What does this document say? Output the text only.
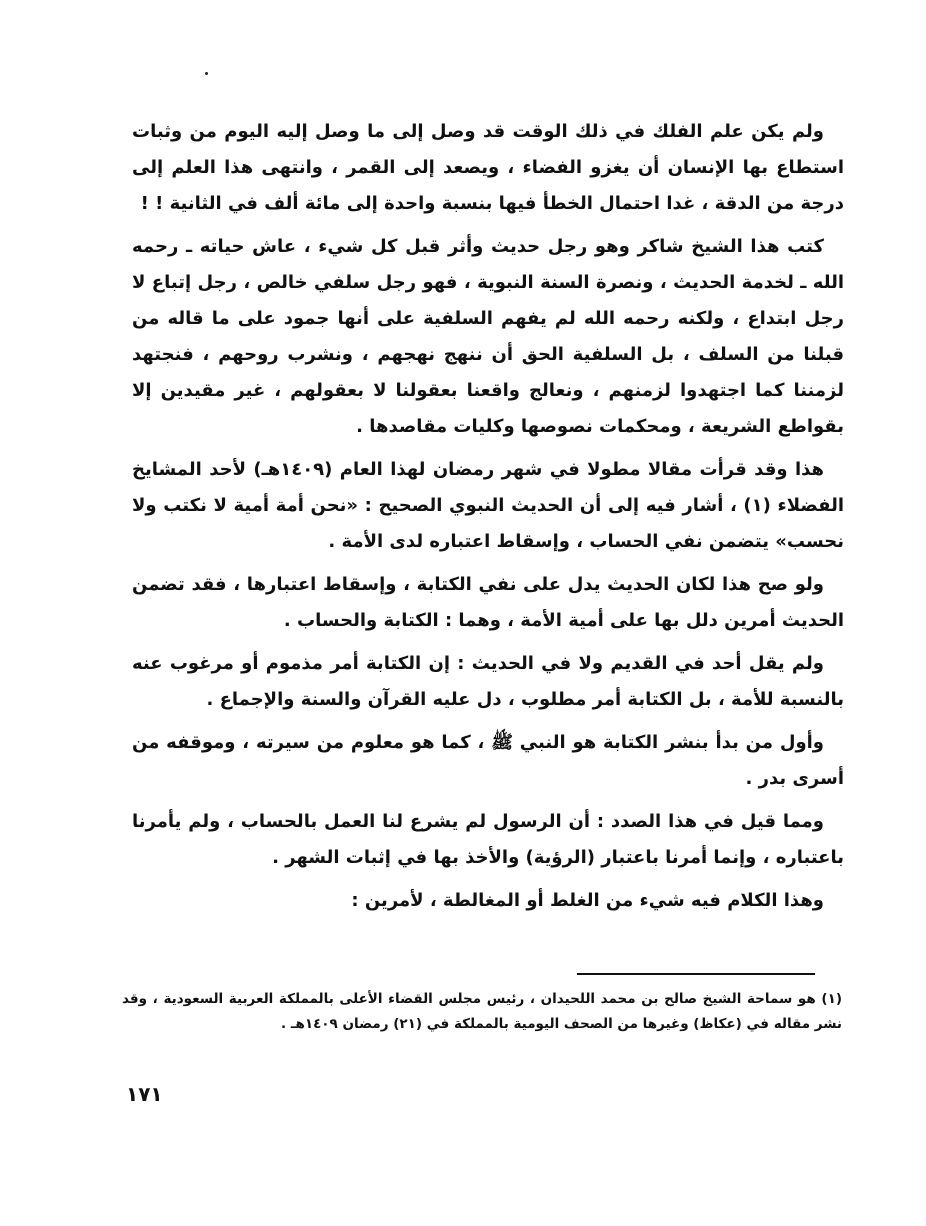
ولم يكن علم الفلك في ذلك الوقت قد وصل إلى ما وصل إليه اليوم من وثبات استطاع بها الإنسان أن يغزو الفضاء ، ويصعد إلى القمر ، وانتهى هذا العلم إلى درجة من الدقة ، غدا احتمال الخطأ فيها بنسبة واحدة إلى مائة ألف في الثانية ! !

كتب هذا الشيخ شاكر وهو رجل حديث وأثر قبل كل شيء ، عاش حياته ـ رحمه الله ـ لخدمة الحديث ، ونصرة السنة النبوية ، فهو رجل سلفي خالص ، رجل إتباع لا رجل ابتداع ، ولكنه رحمه الله لم يفهم السلفية على أنها جمود على ما قاله من قبلنا من السلف ، بل السلفية الحق أن ننهج نهجهم ، ونشرب روحهم ، فنجتهد لزمننا كما اجتهدوا لزمنهم ، ونعالج واقعنا بعقولنا لا بعقولهم ، غير مقيدين إلا بقواطع الشريعة ، ومحكمات نصوصها وكليات مقاصدها .

هذا وقد قرأت مقالا مطولا في شهر رمضان لهذا العام (١٤٠٩هـ) لأحد المشايخ الفضلاء (١) ، أشار فيه إلى أن الحديث النبوي الصحيح : «نحن أمة أمية لا نكتب ولا نحسب» يتضمن نفي الحساب ، وإسقاط اعتباره لدى الأمة .

ولو صح هذا لكان الحديث يدل على نفي الكتابة ، وإسقاط اعتبارها ، فقد تضمن الحديث أمرين دلل بها على أمية الأمة ، وهما : الكتابة والحساب .

ولم يقل أحد في القديم ولا في الحديث : إن الكتابة أمر مذموم أو مرغوب عنه بالنسبة للأمة ، بل الكتابة أمر مطلوب ، دل عليه القرآن والسنة والإجماع .

وأول من بدأ بنشر الكتابة هو النبي ﷺ ، كما هو معلوم من سيرته ، وموقفه من أسرى بدر .

ومما قيل في هذا الصدد : أن الرسول لم يشرع لنا العمل بالحساب ، ولم يأمرنا باعتباره ، وإنما أمرنا باعتبار (الرؤية) والأخذ بها في إثبات الشهر .

وهذا الكلام فيه شيء من الغلط أو المغالطة ، لأمرين :

(١) هو سماحة الشيخ صالح بن محمد اللحيدان ، رئيس مجلس القضاء الأعلى بالمملكة العربية السعودية ، وقد نشر مقاله في (عكاظ) وغيرها من الصحف اليومية بالمملكة في (٢١) رمضان ١٤٠٩هـ .
١٧١
